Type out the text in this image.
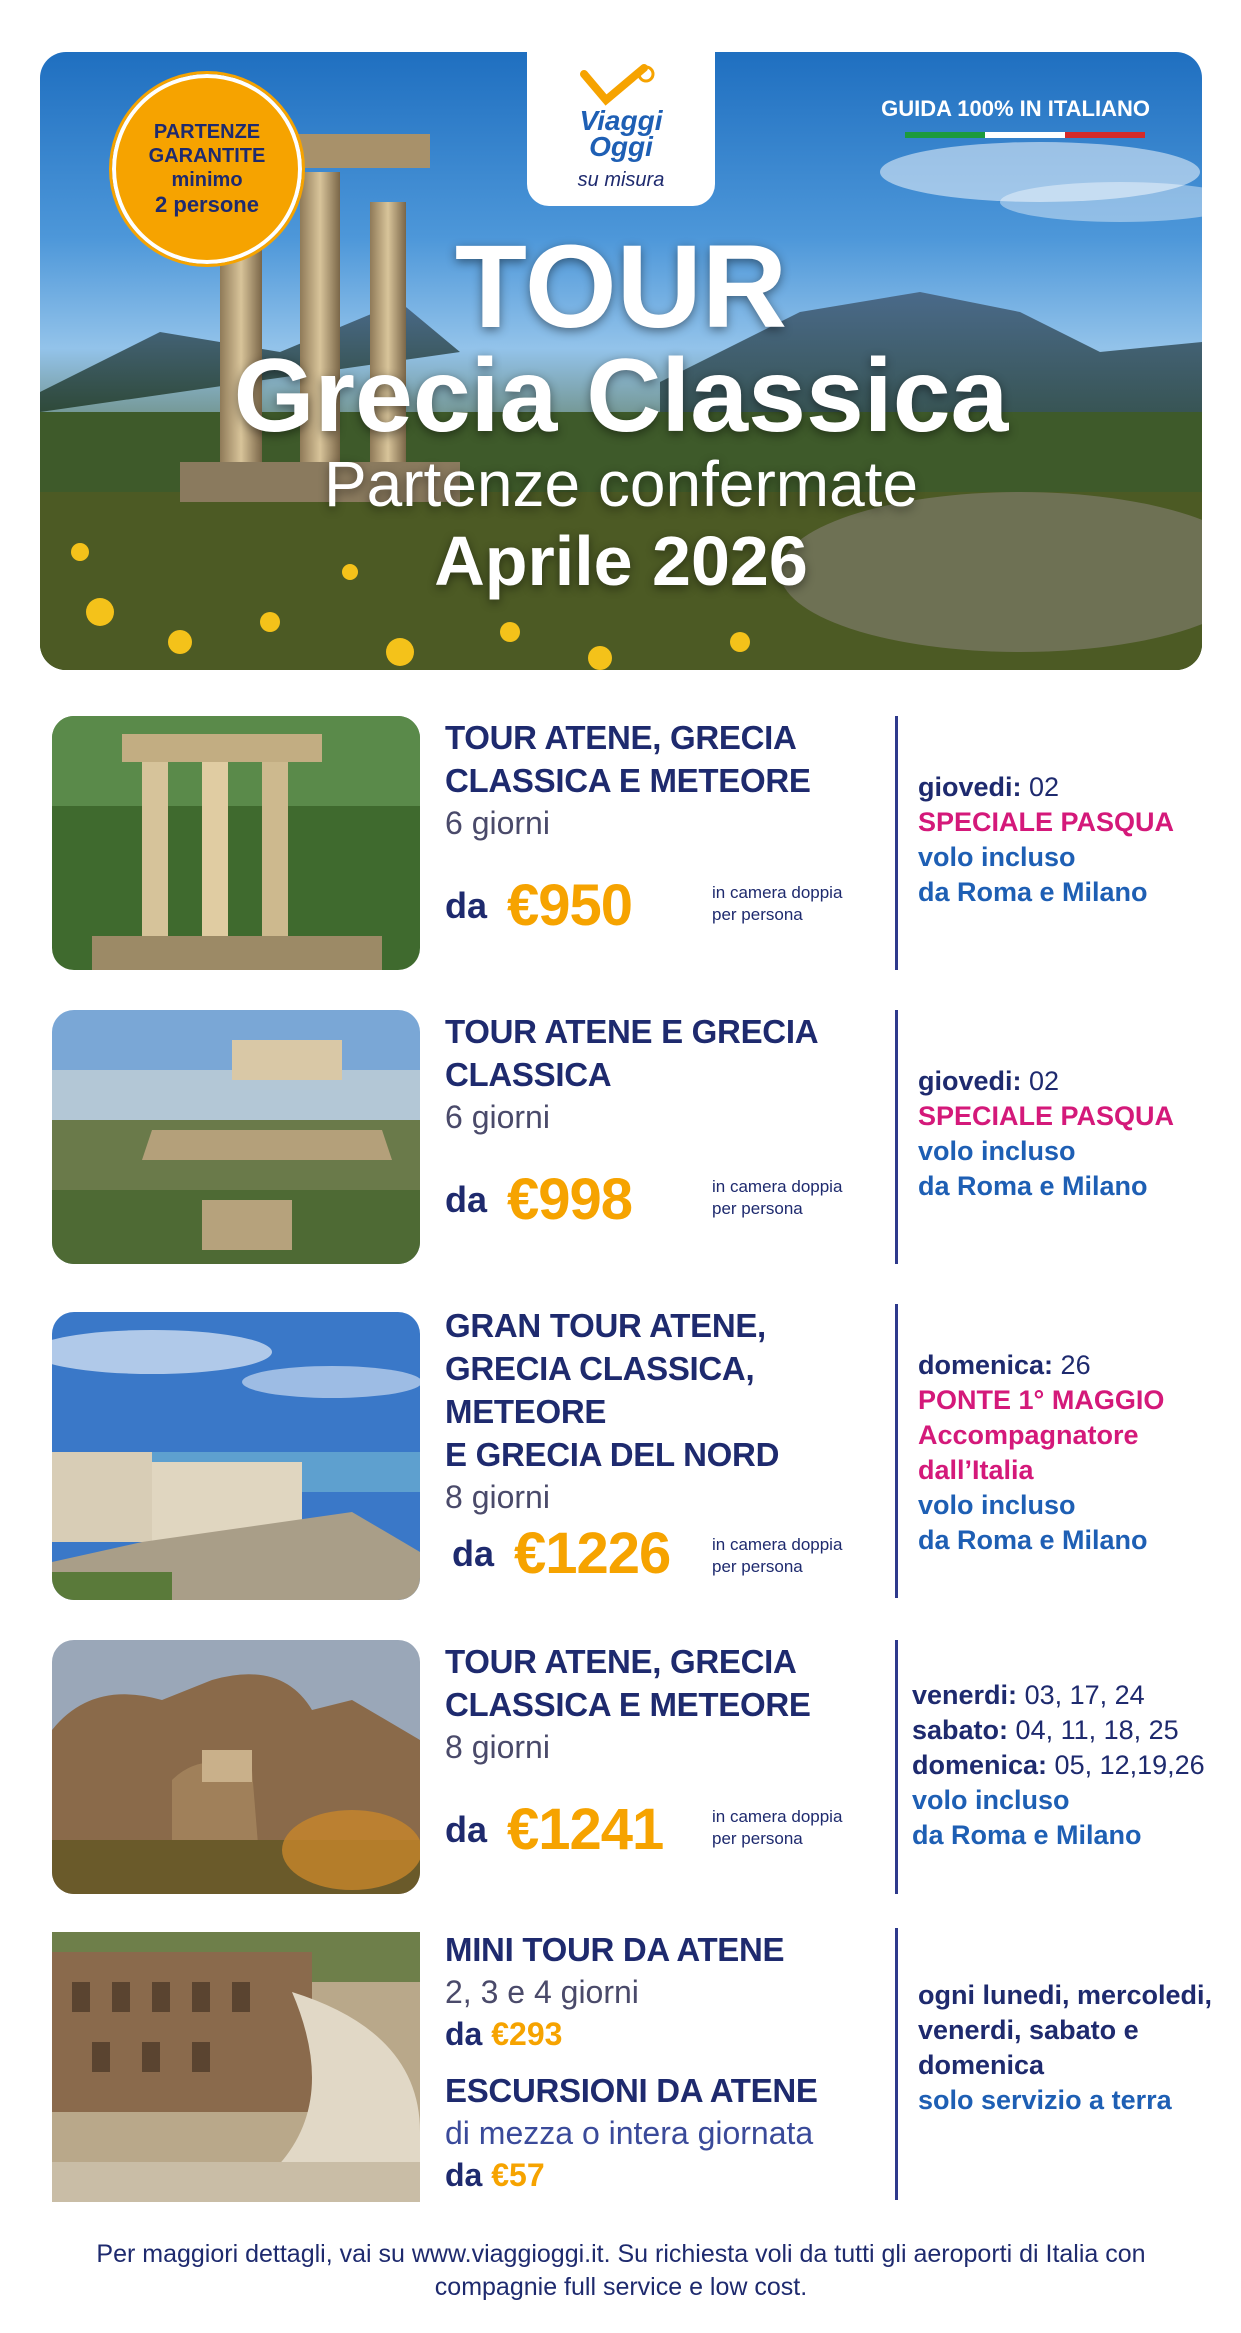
PARTENZE
GARANTITE
minimo
2 persone
GUIDA 100% IN ITALIANO
TOUR
Grecia Classica
Partenze confermate
Aprile 2026
Viaggi
Oggi
su misura
TOUR ATENE, GRECIA
CLASSICA E METEORE
6 giorni
da €950	in camera doppia
per persona
giovedi: 02
SPECIALE PASQUA
volo incluso
da Roma e Milano
TOUR ATENE E GRECIA
CLASSICA
6 giorni
da €998	in camera doppia
per persona
giovedi: 02
SPECIALE PASQUA
volo incluso
da Roma e Milano
GRAN TOUR ATENE,
GRECIA CLASSICA,
METEORE
E GRECIA DEL NORD
8 giorni
da €1226 in camera doppia
per persona
domenica: 26
PONTE 1° MAGGIO
Accompagnatore
dall’Italia
volo incluso
da Roma e Milano
TOUR ATENE, GRECIA
CLASSICA E METEORE
8 giorni
da €1241	in camera doppia
per persona
venerdi: 03, 17, 24
sabato: 04, 11, 18, 25
domenica: 05, 12,19,26
volo incluso
da Roma e Milano
MINI TOUR DA ATENE
2, 3 e 4 giorni
da €293
ESCURSIONI DA ATENE
di mezza o intera giornata
da €57
ogni lunedi, mercoledi,
venerdi, sabato e
domenica
solo servizio a terra
Per maggiori dettagli, vai su www.viaggioggi.it. Su richiesta voli da tutti gli aeroporti di Italia con
compagnie full service e low cost.
